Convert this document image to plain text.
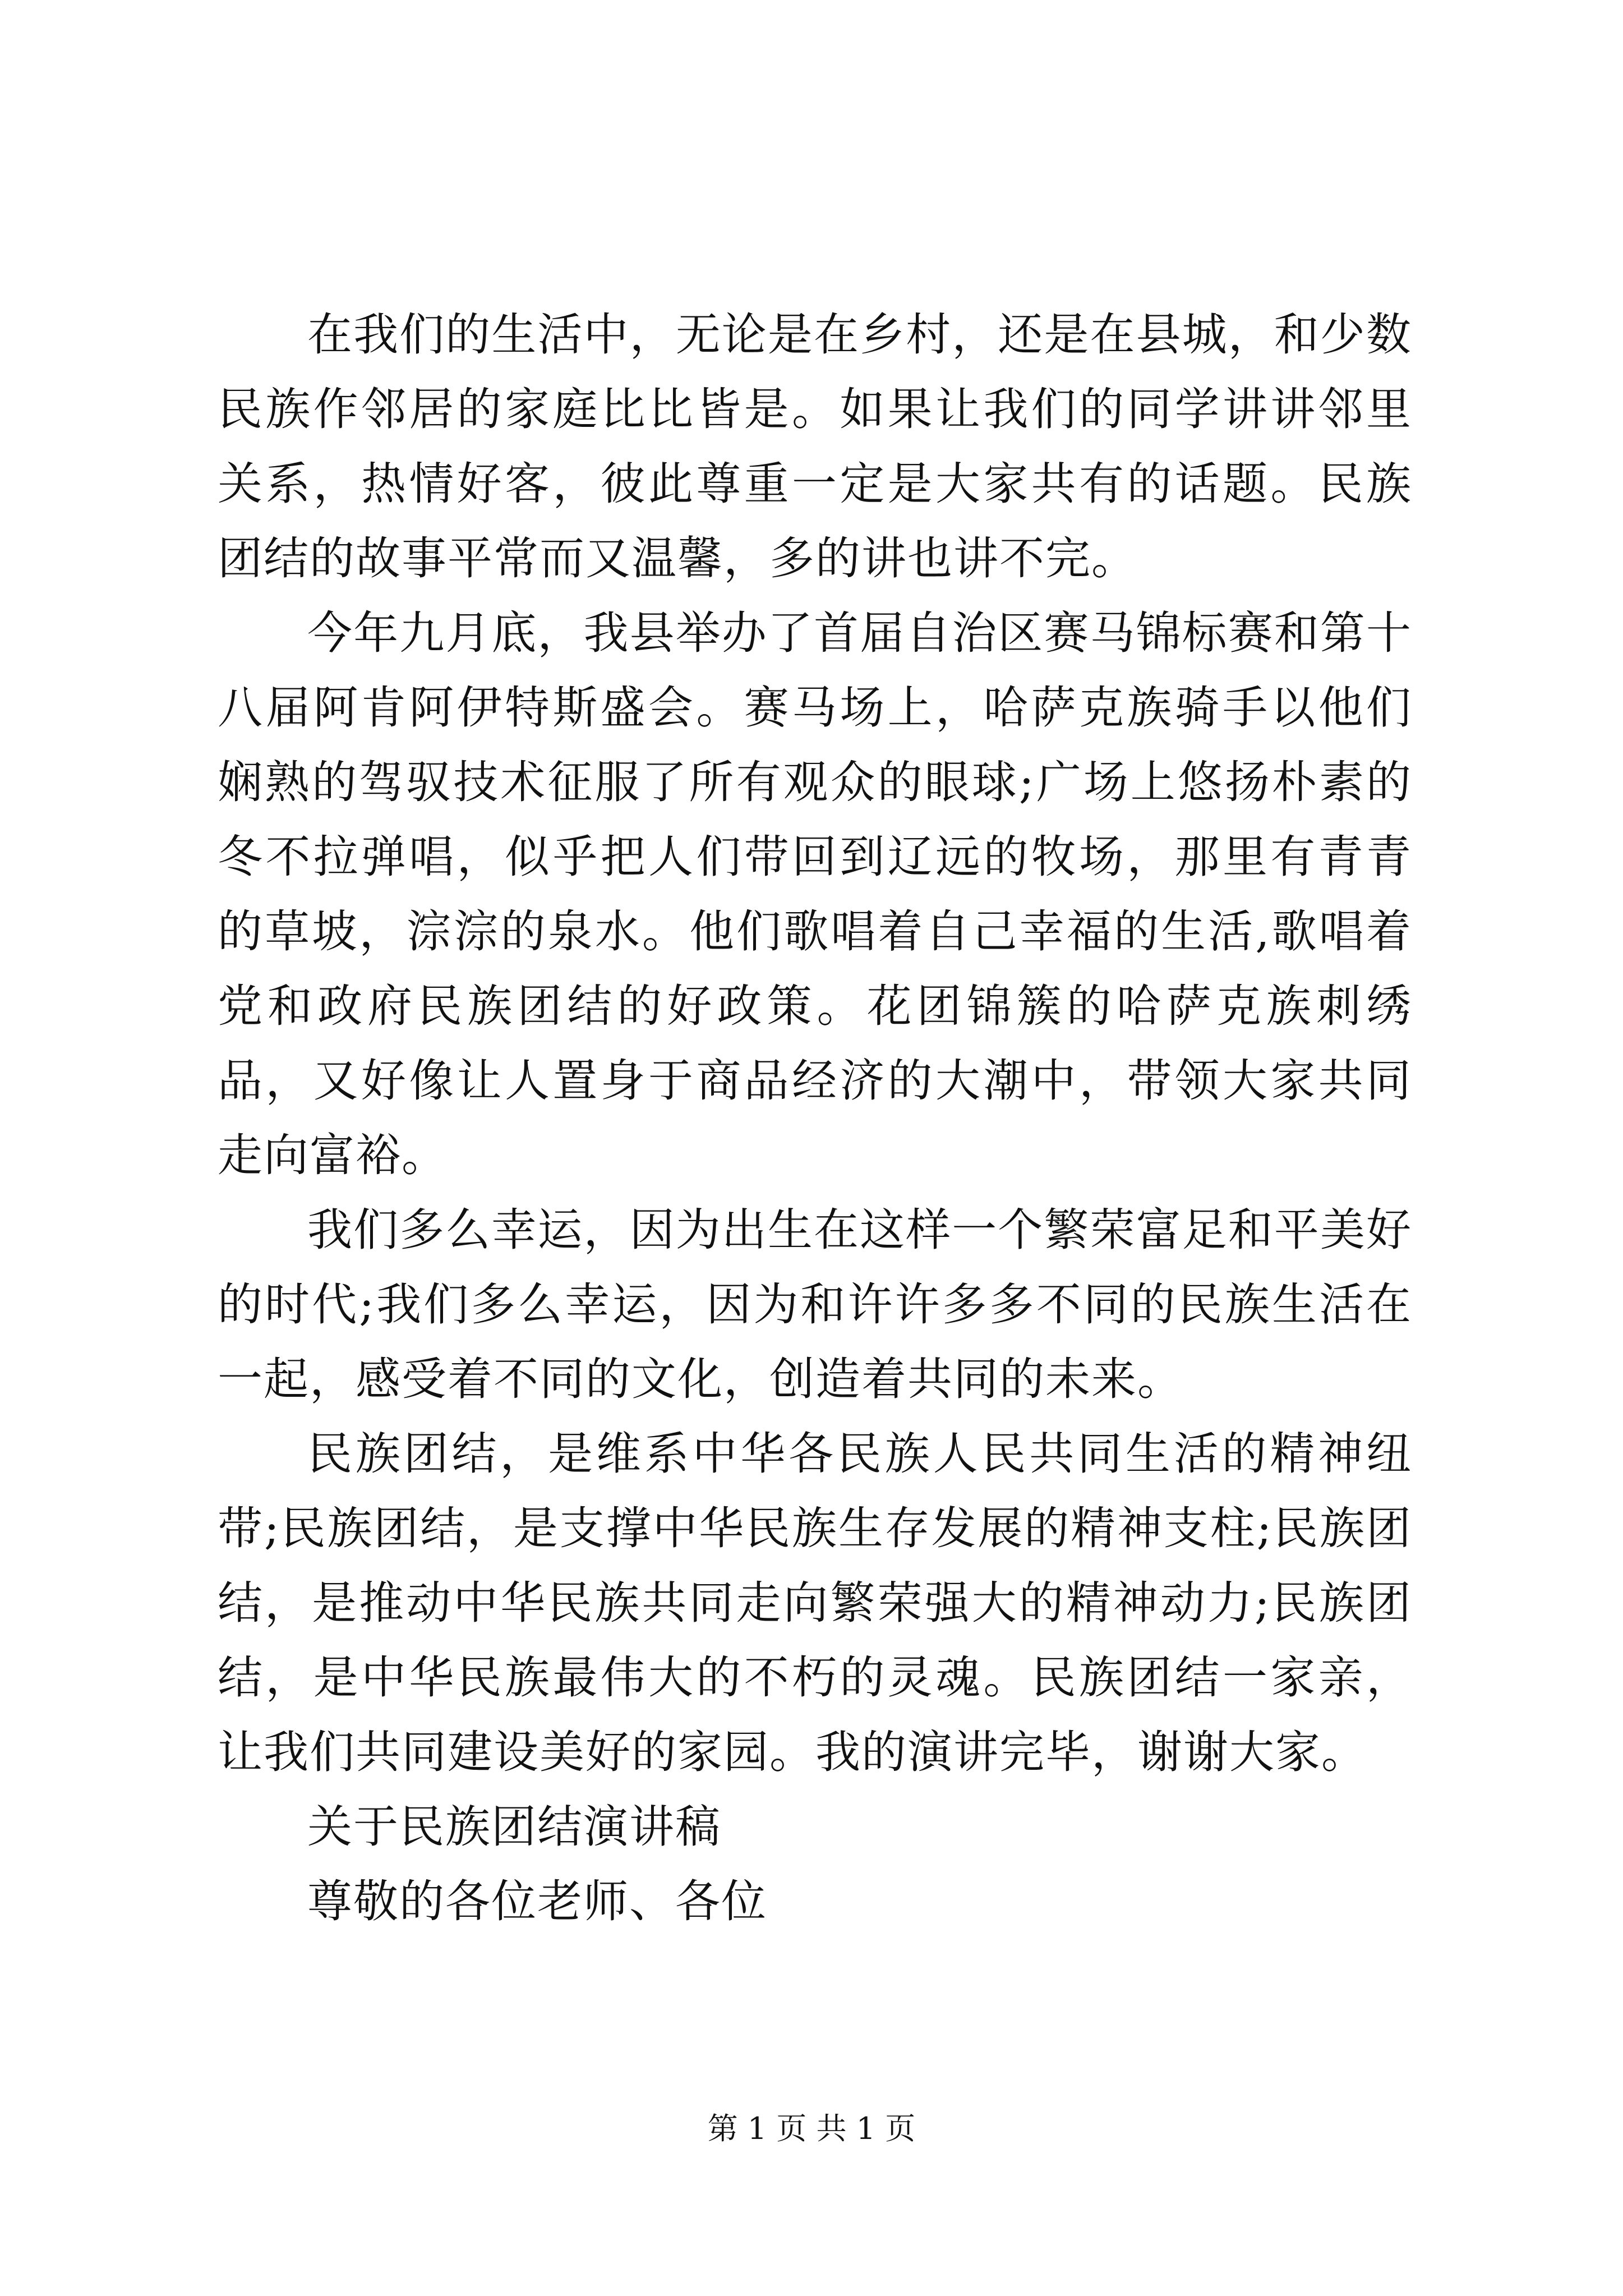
在我们的生活中，无论是在乡村，还是在县城，和少数民族作邻居的家庭比比皆是。如果让我们的同学讲讲邻里关系，热情好客，彼此尊重一定是大家共有的话题。民族团结的故事平常而又温馨，多的讲也讲不完。

今年九月底，我县举办了首届自治区赛马锦标赛和第十八届阿肯阿伊特斯盛会。赛马场上，哈萨克族骑手以他们娴熟的驾驭技术征服了所有观众的眼球;广场上悠扬朴素的冬不拉弹唱，似乎把人们带回到辽远的牧场，那里有青青的草坡，淙淙的泉水。他们歌唱着自己幸福的生活,歌唱着党和政府民族团结的好政策。花团锦簇的哈萨克族刺绣品，又好像让人置身于商品经济的大潮中，带领大家共同走向富裕。

我们多么幸运，因为出生在这样一个繁荣富足和平美好的时代;我们多么幸运，因为和许许多多不同的民族生活在一起，感受着不同的文化，创造着共同的未来。

民族团结，是维系中华各民族人民共同生活的精神纽带;民族团结，是支撑中华民族生存发展的精神支柱;民族团结，是推动中华民族共同走向繁荣强大的精神动力;民族团结，是中华民族最伟大的不朽的灵魂。民族团结一家亲，让我们共同建设美好的家园。我的演讲完毕，谢谢大家。

关于民族团结演讲稿

尊敬的各位老师、各位

第 1 页 共 1 页
